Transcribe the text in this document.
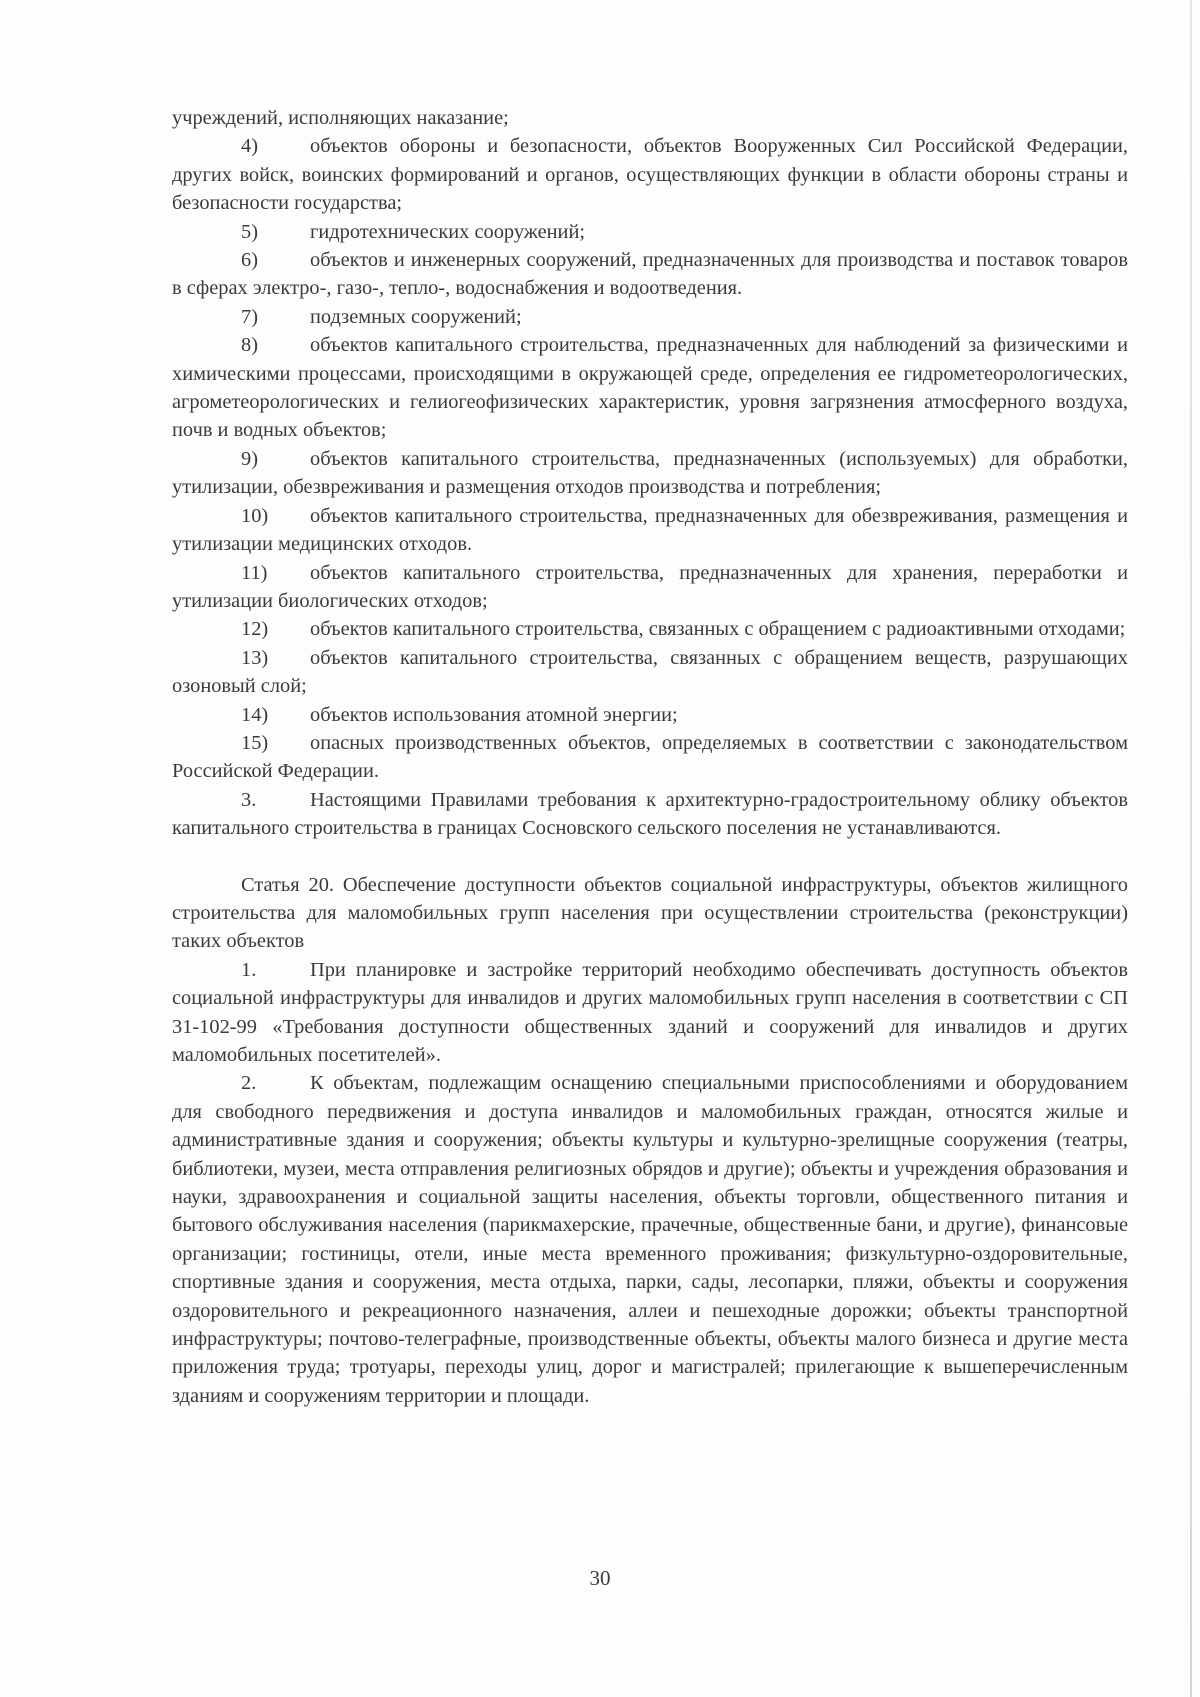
учреждений, исполняющих наказание;

4)	объектов обороны и безопасности, объектов Вооруженных Сил Российской Федерации, других войск, воинских формирований и органов, осуществляющих функции в области обороны страны и безопасности государства;

5)	гидротехнических сооружений;

6)	объектов и инженерных сооружений, предназначенных для производства и поставок товаров в сферах электро-, газо-, тепло-, водоснабжения и водоотведения.

7)	подземных сооружений;

8)	объектов капитального строительства, предназначенных для наблюдений за физическими и химическими процессами, происходящими в окружающей среде, определения ее гидрометеорологических, агрометеорологических и гелиогеофизических характеристик, уровня загрязнения атмосферного воздуха, почв и водных объектов;

9)	объектов капитального строительства, предназначенных (используемых) для обработки, утилизации, обезвреживания и размещения отходов производства и потребления;

10) объектов капитального строительства, предназначенных для обезвреживания, размещения и утилизации медицинских отходов.

11) объектов капитального строительства, предназначенных для хранения, переработки и утилизации биологических отходов;

12) объектов капитального строительства, связанных с обращением с радиоактивными отходами;

13) объектов капитального строительства, связанных с обращением веществ, разрушающих озоновый слой;

14) объектов использования атомной энергии;

15) опасных производственных объектов, определяемых в соответствии с законодательством Российской Федерации.

3.	Настоящими Правилами требования к архитектурно-градостроительному облику объектов капитального строительства в границах Сосновского сельского поселения не устанавливаются.

Статья 20. Обеспечение доступности объектов социальной инфраструктуры, объектов жилищного строительства для маломобильных групп населения при осуществлении строительства (реконструкции) таких объектов

1.	При планировке и застройке территорий необходимо обеспечивать доступность объектов социальной инфраструктуры для инвалидов и других маломобильных групп населения в соответствии с СП 31-102-99 «Требования доступности общественных зданий и сооружений для инвалидов и других маломобильных посетителей».

2.	К объектам, подлежащим оснащению специальными приспособлениями и оборудованием для свободного передвижения и доступа инвалидов и маломобильных граждан, относятся жилые и административные здания и сооружения; объекты культуры и культурно-зрелищные сооружения (театры, библиотеки, музеи, места отправления религиозных обрядов и другие); объекты и учреждения образования и науки, здравоохранения и социальной защиты населения, объекты торговли, общественного питания и бытового обслуживания населения (парикмахерские, прачечные, общественные бани, и другие), финансовые организации; гостиницы, отели, иные места временного проживания; физкультурно-оздоровительные, спортивные здания и сооружения, места отдыха, парки, сады, лесопарки, пляжи, объекты и сооружения оздоровительного и рекреационного назначения, аллеи и пешеходные дорожки; объекты транспортной инфраструктуры; почтово-телеграфные, производственные объекты, объекты малого бизнеса и другие места приложения труда; тротуары, переходы улиц, дорог и магистралей; прилегающие к вышеперечисленным зданиям и сооружениям территории и площади.

30
